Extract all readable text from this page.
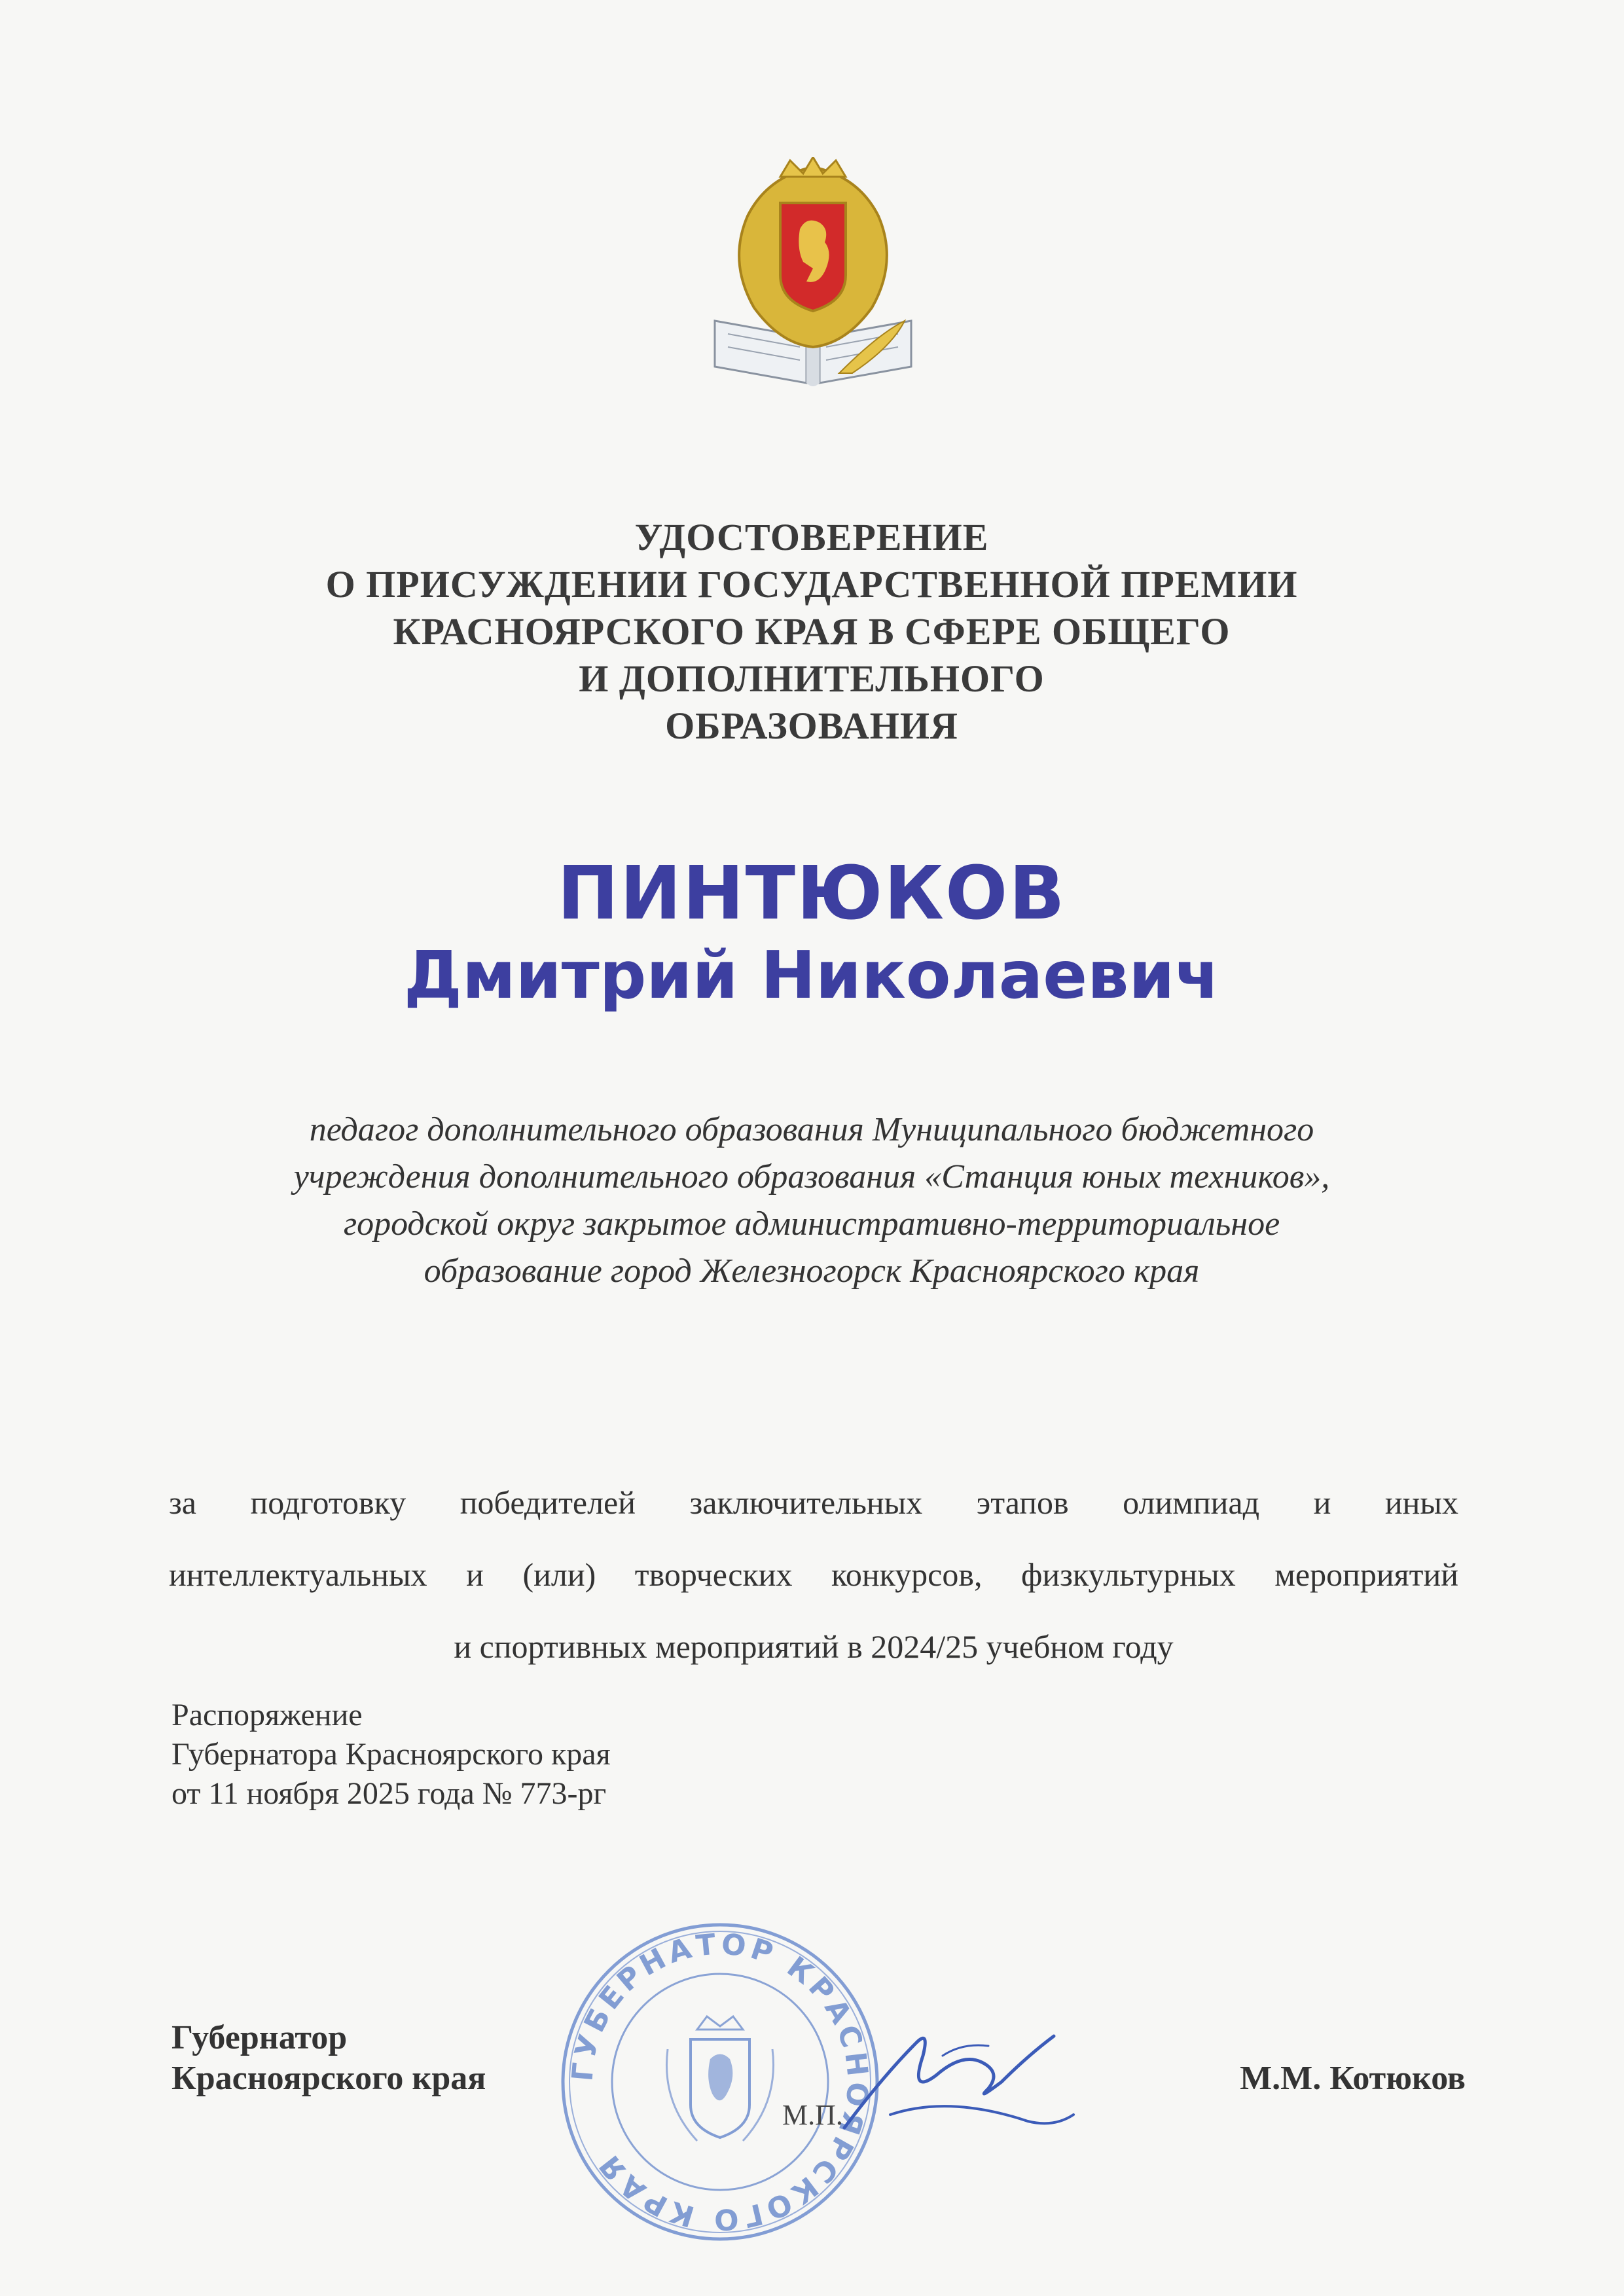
УДОСТОВЕРЕНИЕ
О ПРИСУЖДЕНИИ ГОСУДАРСТВЕННОЙ ПРЕМИИ
КРАСНОЯРСКОГО КРАЯ В СФЕРЕ ОБЩЕГО
И ДОПОЛНИТЕЛЬНОГО
ОБРАЗОВАНИЯ
ПИНТЮКОВ
Дмитрий Николаевич
педагог дополнительного образования Муниципального бюджетного
учреждения дополнительного образования «Станция юных техников»,
городской округ закрытое административно-территориальное
образование город Железногорск Красноярского края
за подготовку победителей заключительных этапов олимпиад и иных
интеллектуальных и (или) творческих конкурсов, физкультурных мероприятий
и спортивных мероприятий в 2024/25 учебном году
Распоряжение
Губернатора Красноярского края
от 11 ноября 2025 года № 773-рг
ГУБЕРНАТОР КРАСНОЯРСКОГО КРАЯ
Губернатор
Красноярского края
М.П.
М.М. Котюков
